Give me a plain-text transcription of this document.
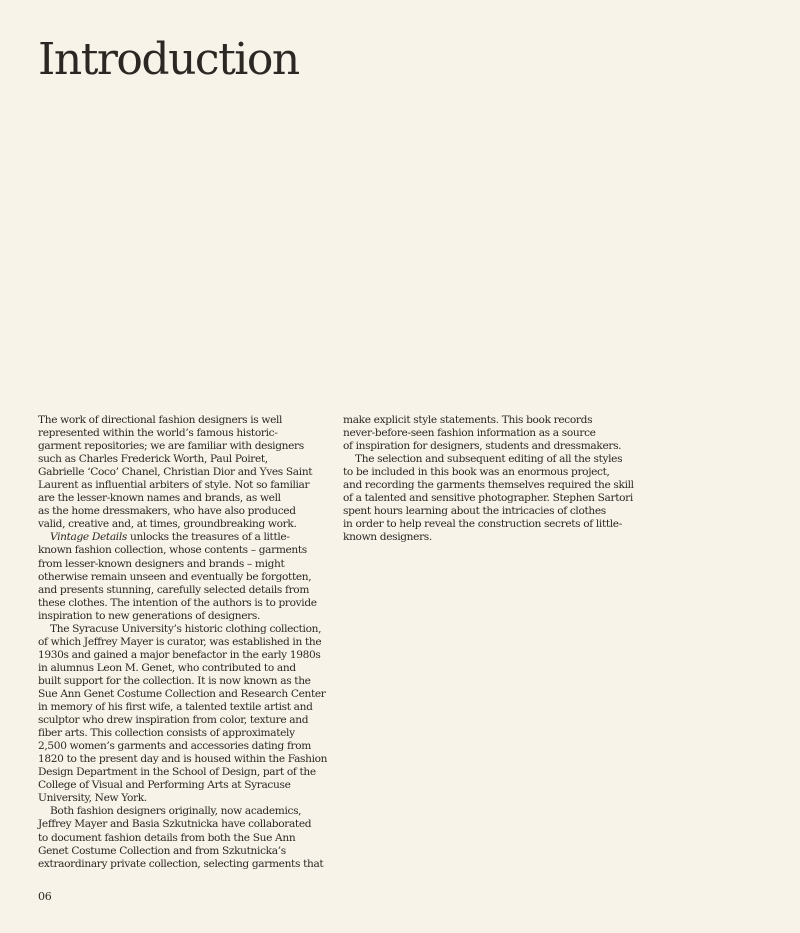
Introduction
The work of directional fashion designers is well
represented within the world’s famous historic-
garment repositories; we are familiar with designers
such as Charles Frederick Worth, Paul Poiret,
Gabrielle ‘Coco’ Chanel, Christian Dior and Yves Saint
Laurent as influential arbiters of style. Not so familiar
are the lesser-known names and brands, as well
as the home dressmakers, who have also produced
valid, creative and, at times, groundbreaking work.
Vintage Details unlocks the treasures of a little-
known fashion collection, whose contents – garments
from lesser-known designers and brands – might
otherwise remain unseen and eventually be forgotten,
and presents stunning, carefully selected details from
these clothes. The intention of the authors is to provide
inspiration to new generations of designers.
The Syracuse University’s historic clothing collection,
of which Jeffrey Mayer is curator, was established in the
1930s and gained a major benefactor in the early 1980s
in alumnus Leon M. Genet, who contributed to and
built support for the collection. It is now known as the
Sue Ann Genet Costume Collection and Research Center
in memory of his first wife, a talented textile artist and
sculptor who drew inspiration from color, texture and
fiber arts. This collection consists of approximately
2,500 women’s garments and accessories dating from
1820 to the present day and is housed within the Fashion
Design Department in the School of Design, part of the
College of Visual and Performing Arts at Syracuse
University, New York.
Both fashion designers originally, now academics,
Jeffrey Mayer and Basia Szkutnicka have collaborated
to document fashion details from both the Sue Ann
Genet Costume Collection and from Szkutnicka’s
extraordinary private collection, selecting garments that
make explicit style statements. This book records
never-before-seen fashion information as a source
of inspiration for designers, students and dressmakers.
The selection and subsequent editing of all the styles
to be included in this book was an enormous project,
and recording the garments themselves required the skill
of a talented and sensitive photographer. Stephen Sartori
spent hours learning about the intricacies of clothes
in order to help reveal the construction secrets of little-
known designers.
06
